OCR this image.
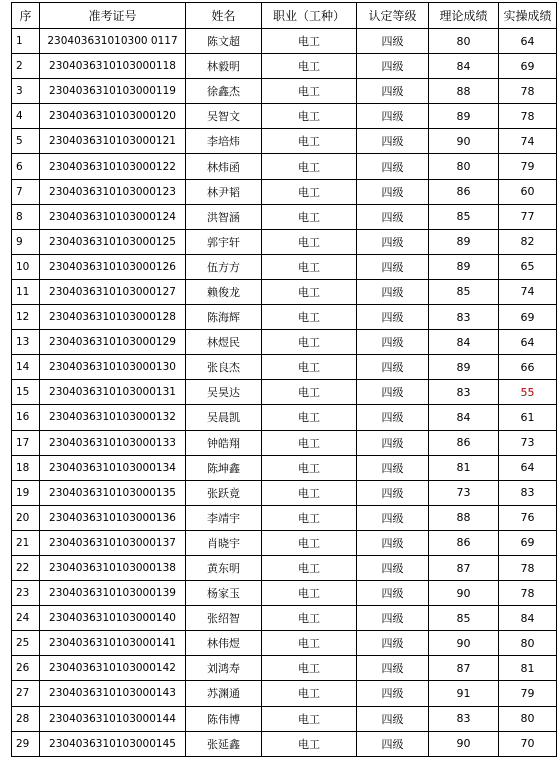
序	准考证号	姓名	职业（工种）	认定等级	理论成绩	实操成绩
1	230403631010300 0117	陈文超	电工	四级	80	64
2	2304036310103000118	林毅明	电工	四级	84	69
3	2304036310103000119	徐鑫杰	电工	四级	88	78
4	2304036310103000120	吴智文	电工	四级	89	78
5	2304036310103000121	李培炜	电工	四级	90	74
6	2304036310103000122	林炜函	电工	四级	80	79
7	2304036310103000123	林尹韬	电工	四级	86	60
8	2304036310103000124	洪智涵	电工	四级	85	77
9	2304036310103000125	郭宇轩	电工	四级	89	82
10	2304036310103000126	伍方方	电工	四级	89	65
11	2304036310103000127	赖俊龙	电工	四级	85	74
12	2304036310103000128	陈海辉	电工	四级	83	69
13	2304036310103000129	林煜民	电工	四级	84	64
14	2304036310103000130	张良杰	电工	四级	89	66
15	2304036310103000131	吴昊达	电工	四级	83	55
16	2304036310103000132	吴晨凯	电工	四级	84	61
17	2304036310103000133	钟皓翔	电工	四级	86	73
18	2304036310103000134	陈坤鑫	电工	四级	81	64
19	2304036310103000135	张跃竟	电工	四级	73	83
20	2304036310103000136	李靖宇	电工	四级	88	76
21	2304036310103000137	肖晓宇	电工	四级	86	69
22	2304036310103000138	黄东明	电工	四级	87	78
23	2304036310103000139	杨家玉	电工	四级	90	78
24	2304036310103000140	张绍智	电工	四级	85	84
25	2304036310103000141	林伟煜	电工	四级	90	80
26	2304036310103000142	刘鸿寿	电工	四级	87	81
27	2304036310103000143	苏渊通	电工	四级	91	79
28	2304036310103000144	陈伟博	电工	四级	83	80
29	2304036310103000145	张延鑫	电工	四级	90	70
